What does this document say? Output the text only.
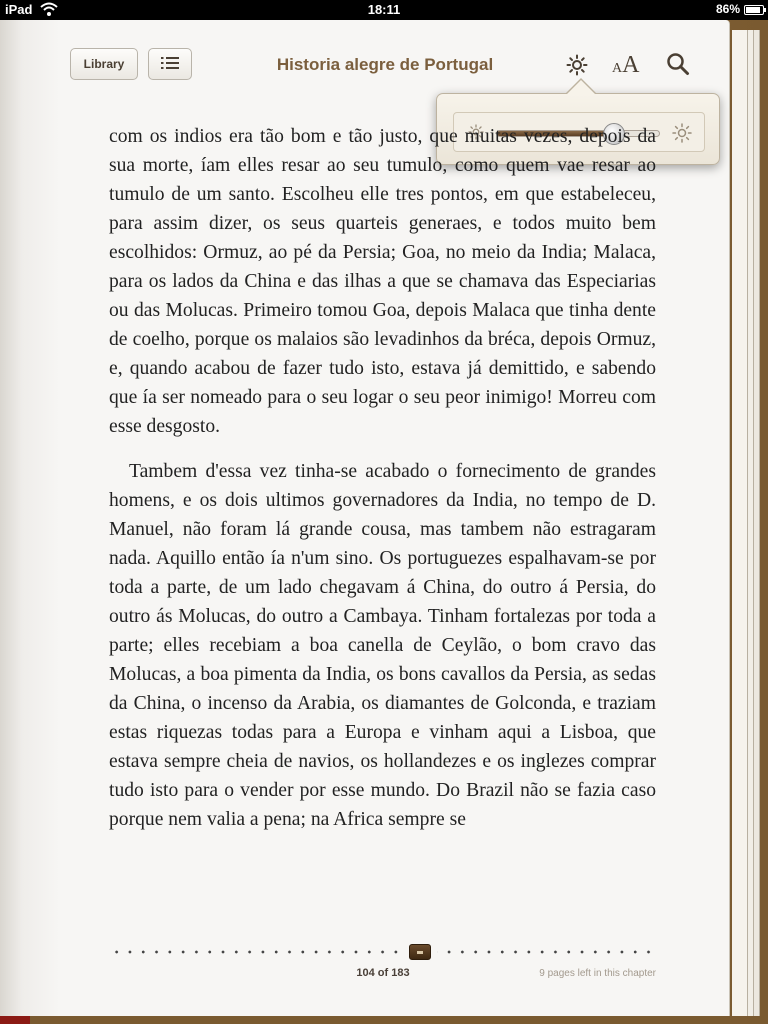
iPad	18:11	86%
Library	Historia alegre de Portugal	AA

com os indios era tão bom e tão justo, que muitas vezes, depois da sua morte, íam elles resar ao seu tumulo, como quem vae resar ao tumulo de um santo. Escolheu elle tres pontos, em que estabeleceu, para assim dizer, os seus quarteis generaes, e todos muito bem escolhidos: Ormuz, ao pé da Persia; Goa, no meio da India; Malaca, para os lados da China e das ilhas a que se chamava das Especiarias ou das Molucas. Primeiro tomou Goa, depois Malaca que tinha dente de coelho, porque os malaios são levadinhos da bréca, depois Ormuz, e, quando acabou de fazer tudo isto, estava já demittido, e sabendo que ía ser nomeado para o seu logar o seu peor inimigo! Morreu com esse desgosto.

Tambem d'essa vez tinha-se acabado o fornecimento de grandes homens, e os dois ultimos governadores da India, no tempo de D. Manuel, não foram lá grande cousa, mas tambem não estragaram nada. Aquillo então ía n'um sino. Os portuguezes espalhavam-se por toda a parte, de um lado chegavam á China, do outro á Persia, do outro ás Molucas, do outro a Cambaya. Tinham fortalezas por toda a parte; elles recebiam a boa canella de Ceylão, o bom cravo das Molucas, a boa pimenta da India, os bons cavallos da Persia, as sedas da China, o incenso da Arabia, os diamantes de Golconda, e traziam estas riquezas todas para a Europa e vinham aqui a Lisboa, que estava sempre cheia de navios, os hollandezes e os inglezes comprar tudo isto para o vender por esse mundo. Do Brazil não se fazia caso porque nem valia a pena; na Africa sempre se

104 of 183	9 pages left in this chapter
